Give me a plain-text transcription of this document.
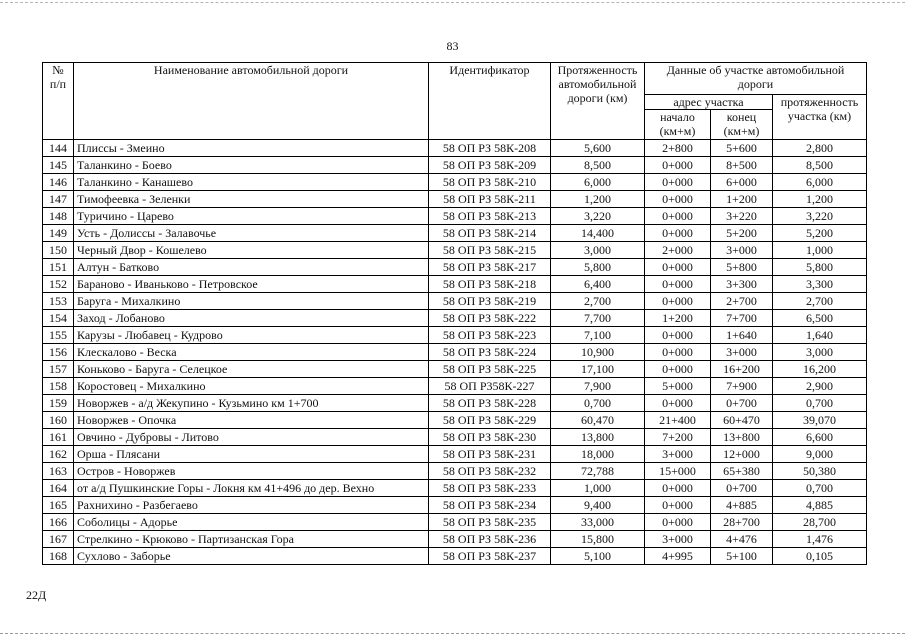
83
№ п/п	Наименование автомобильной дороги	Идентификатор	Протяженность автомобильной дороги (км)	Данные об участке автомобильной дороги		
				адрес участка		протяженность участка (км)
				начало (км+м)	конец (км+м)	
144	Плиссы - Змеино	58 ОП РЗ 58К-208	5,600	2+800	5+600	2,800
145	Таланкино - Боево	58 ОП РЗ 58К-209	8,500	0+000	8+500	8,500
146	Таланкино - Канашево	58 ОП РЗ 58К-210	6,000	0+000	6+000	6,000
147	Тимофеевка - Зеленки	58 ОП РЗ 58К-211	1,200	0+000	1+200	1,200
148	Туричино - Царево	58 ОП РЗ 58К-213	3,220	0+000	3+220	3,220
149	Усть - Долиссы - Залавочье	58 ОП РЗ 58К-214	14,400	0+000	5+200	5,200
150	Черный Двор - Кошелево	58 ОП РЗ 58К-215	3,000	2+000	3+000	1,000
151	Алтун - Батково	58 ОП РЗ 58К-217	5,800	0+000	5+800	5,800
152	Бараново - Иваньково - Петровское	58 ОП РЗ 58К-218	6,400	0+000	3+300	3,300
153	Баруга - Михалкино	58 ОП РЗ 58К-219	2,700	0+000	2+700	2,700
154	Заход - Лобаново	58 ОП РЗ 58К-222	7,700	1+200	7+700	6,500
155	Карузы - Любавец - Кудрово	58 ОП РЗ 58К-223	7,100	0+000	1+640	1,640
156	Клескалово - Веска	58 ОП РЗ 58К-224	10,900	0+000	3+000	3,000
157	Коньково - Баруга - Селецкое	58 ОП РЗ 58К-225	17,100	0+000	16+200	16,200
158	Коростовец - Михалкино	58 ОП Р358К-227	7,900	5+000	7+900	2,900
159	Новоржев - а/д Жекупино - Кузьмино км 1+700	58 ОП РЗ 58К-228	0,700	0+000	0+700	0,700
160	Новоржев - Опочка	58 ОП РЗ 58К-229	60,470	21+400	60+470	39,070
161	Овчино - Дубровы - Литово	58 ОП РЗ 58К-230	13,800	7+200	13+800	6,600
162	Орша - Плясани	58 ОП РЗ 58К-231	18,000	3+000	12+000	9,000
163	Остров - Новоржев	58 ОП РЗ 58К-232	72,788	15+000	65+380	50,380
164	от а/д Пушкинские Горы - Локня км 41+496 до дер. Вехно	58 ОП РЗ 58К-233	1,000	0+000	0+700	0,700
165	Рахнихино - Разбегаево	58 ОП РЗ 58К-234	9,400	0+000	4+885	4,885
166	Соболицы - Адорье	58 ОП РЗ 58К-235	33,000	0+000	28+700	28,700
167	Стрелкино - Крюково - Партизанская Гора	58 ОП РЗ 58К-236	15,800	3+000	4+476	1,476
168	Сухлово - Заборье	58 ОП РЗ 58К-237	5,100	4+995	5+100	0,105
22Д
